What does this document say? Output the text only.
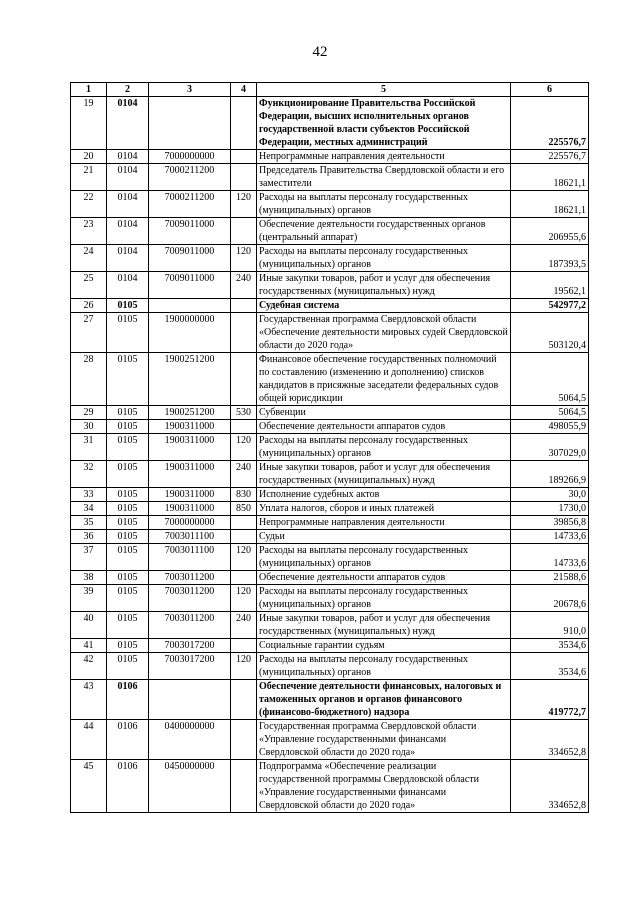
42
1	2	3	4	5	6
19	0104			Функционирование Правительства Российской Федерации, высших исполнительных органов государственной власти субъектов Российской Федерации, местных администраций	225576,7
20	0104	7000000000		Непрограммные направления деятельности	225576,7
21	0104	7000211200		Председатель Правительства Свердловской области и его заместители	18621,1
22	0104	7000211200	120	Расходы на выплаты персоналу государственных (муниципальных) органов	18621,1
23	0104	7009011000		Обеспечение деятельности государственных органов (центральный аппарат)	206955,6
24	0104	7009011000	120	Расходы на выплаты персоналу государственных (муниципальных) органов	187393,5
25	0104	7009011000	240	Иные закупки товаров, работ и услуг для обеспечения государственных (муниципальных) нужд	19562,1
26	0105			Судебная система	542977,2
27	0105	1900000000		Государственная программа Свердловской области «Обеспечение деятельности мировых судей Свердловской области до 2020 года»	503120,4
28	0105	1900251200		Финансовое обеспечение государственных полномочий по составлению (изменению и дополнению) списков кандидатов в присяжные заседатели федеральных судов общей юрисдикции	5064,5
29	0105	1900251200	530	Субвенции	5064,5
30	0105	1900311000		Обеспечение деятельности аппаратов судов	498055,9
31	0105	1900311000	120	Расходы на выплаты персоналу государственных (муниципальных) органов	307029,0
32	0105	1900311000	240	Иные закупки товаров, работ и услуг для обеспечения государственных (муниципальных) нужд	189266,9
33	0105	1900311000	830	Исполнение судебных актов	30,0
34	0105	1900311000	850	Уплата налогов, сборов и иных платежей	1730,0
35	0105	7000000000		Непрограммные направления деятельности	39856,8
36	0105	7003011100		Судьи	14733,6
37	0105	7003011100	120	Расходы на выплаты персоналу государственных (муниципальных) органов	14733,6
38	0105	7003011200		Обеспечение деятельности аппаратов судов	21588,6
39	0105	7003011200	120	Расходы на выплаты персоналу государственных (муниципальных) органов	20678,6
40	0105	7003011200	240	Иные закупки товаров, работ и услуг для обеспечения государственных (муниципальных) нужд	910,0
41	0105	7003017200		Социальные гарантии судьям	3534,6
42	0105	7003017200	120	Расходы на выплаты персоналу государственных (муниципальных) органов	3534,6
43	0106			Обеспечение деятельности финансовых, налоговых и таможенных органов и органов финансового (финансово-бюджетного) надзора	419772,7
44	0106	0400000000		Государственная программа Свердловской области «Управление государственными финансами Свердловской области до 2020 года»	334652,8
45	0106	0450000000		Подпрограмма «Обеспечение реализации государственной программы Свердловской области «Управление государственными финансами Свердловской области до 2020 года»	334652,8
